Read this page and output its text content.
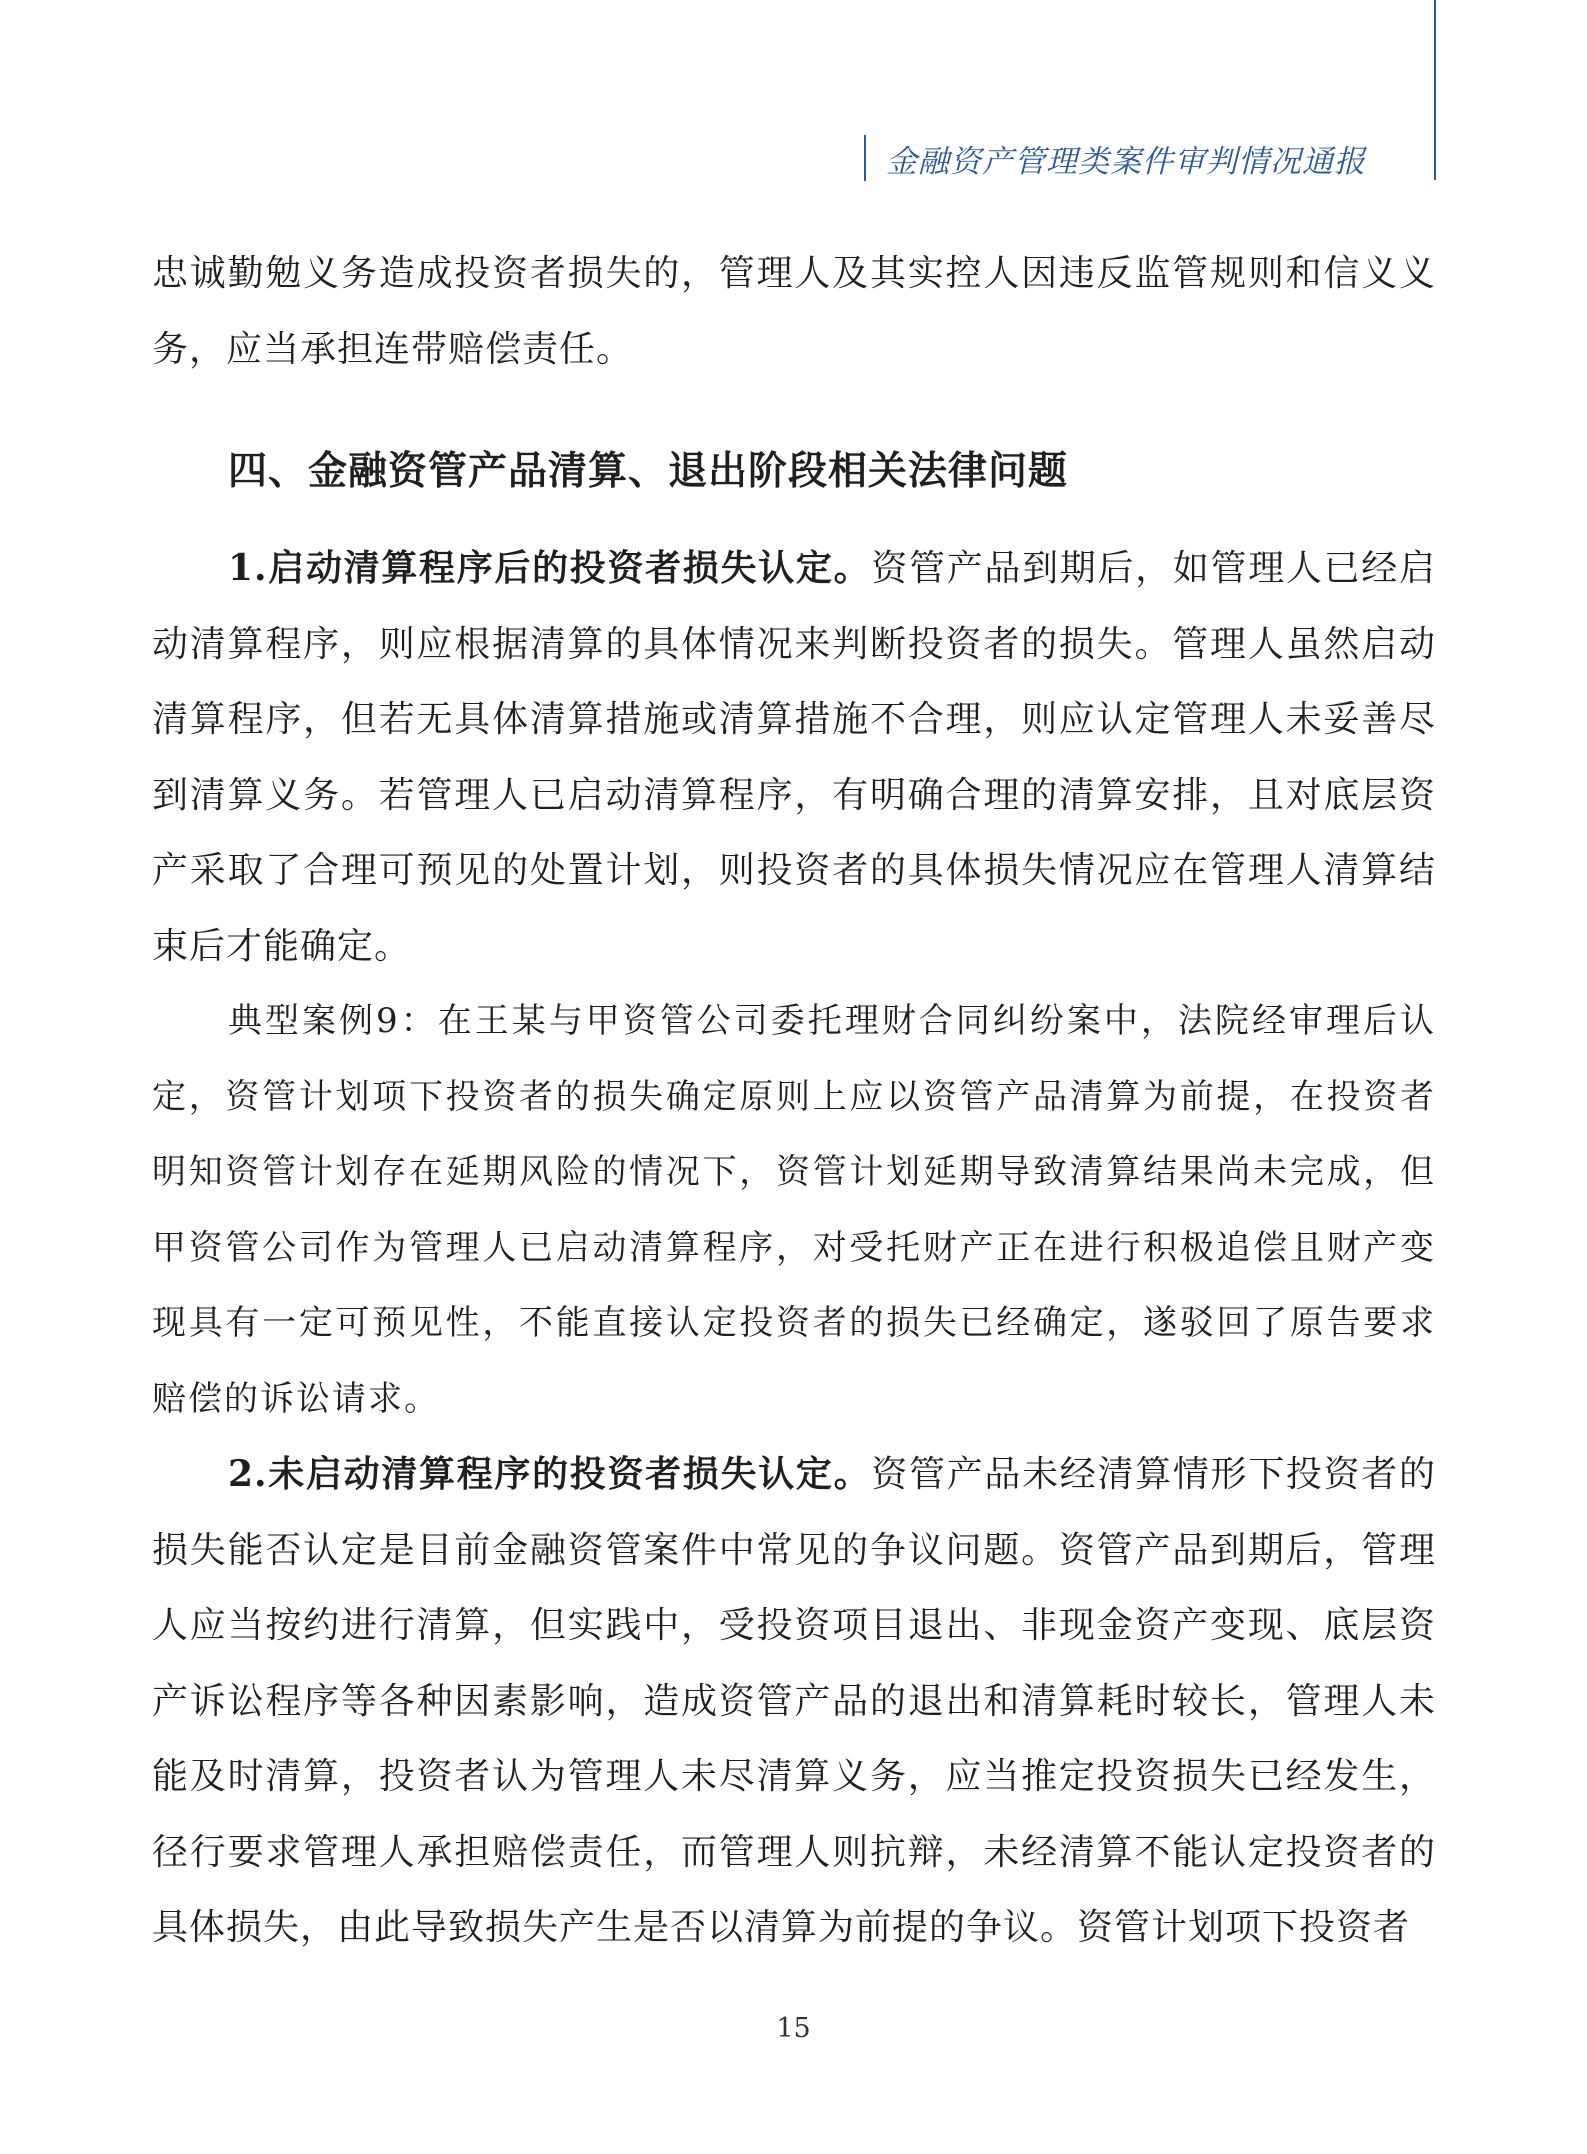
金融资产管理类案件审判情况通报

忠诚勤勉义务造成投资者损失的，管理人及其实控人因违反监管规则和信义义务，应当承担连带赔偿责任。

四、金融资管产品清算、退出阶段相关法律问题

1.启动清算程序后的投资者损失认定。资管产品到期后，如管理人已经启动清算程序，则应根据清算的具体情况来判断投资者的损失。管理人虽然启动清算程序，但若无具体清算措施或清算措施不合理，则应认定管理人未妥善尽到清算义务。若管理人已启动清算程序，有明确合理的清算安排，且对底层资产采取了合理可预见的处置计划，则投资者的具体损失情况应在管理人清算结束后才能确定。

典型案例9：在王某与甲资管公司委托理财合同纠纷案中，法院经审理后认定，资管计划项下投资者的损失确定原则上应以资管产品清算为前提，在投资者明知资管计划存在延期风险的情况下，资管计划延期导致清算结果尚未完成，但甲资管公司作为管理人已启动清算程序，对受托财产正在进行积极追偿且财产变现具有一定可预见性，不能直接认定投资者的损失已经确定，遂驳回了原告要求赔偿的诉讼请求。

2.未启动清算程序的投资者损失认定。资管产品未经清算情形下投资者的损失能否认定是目前金融资管案件中常见的争议问题。资管产品到期后，管理人应当按约进行清算，但实践中，受投资项目退出、非现金资产变现、底层资产诉讼程序等各种因素影响，造成资管产品的退出和清算耗时较长，管理人未能及时清算，投资者认为管理人未尽清算义务，应当推定投资损失已经发生，径行要求管理人承担赔偿责任，而管理人则抗辩，未经清算不能认定投资者的具体损失，由此导致损失产生是否以清算为前提的争议。资管计划项下投资者

15
